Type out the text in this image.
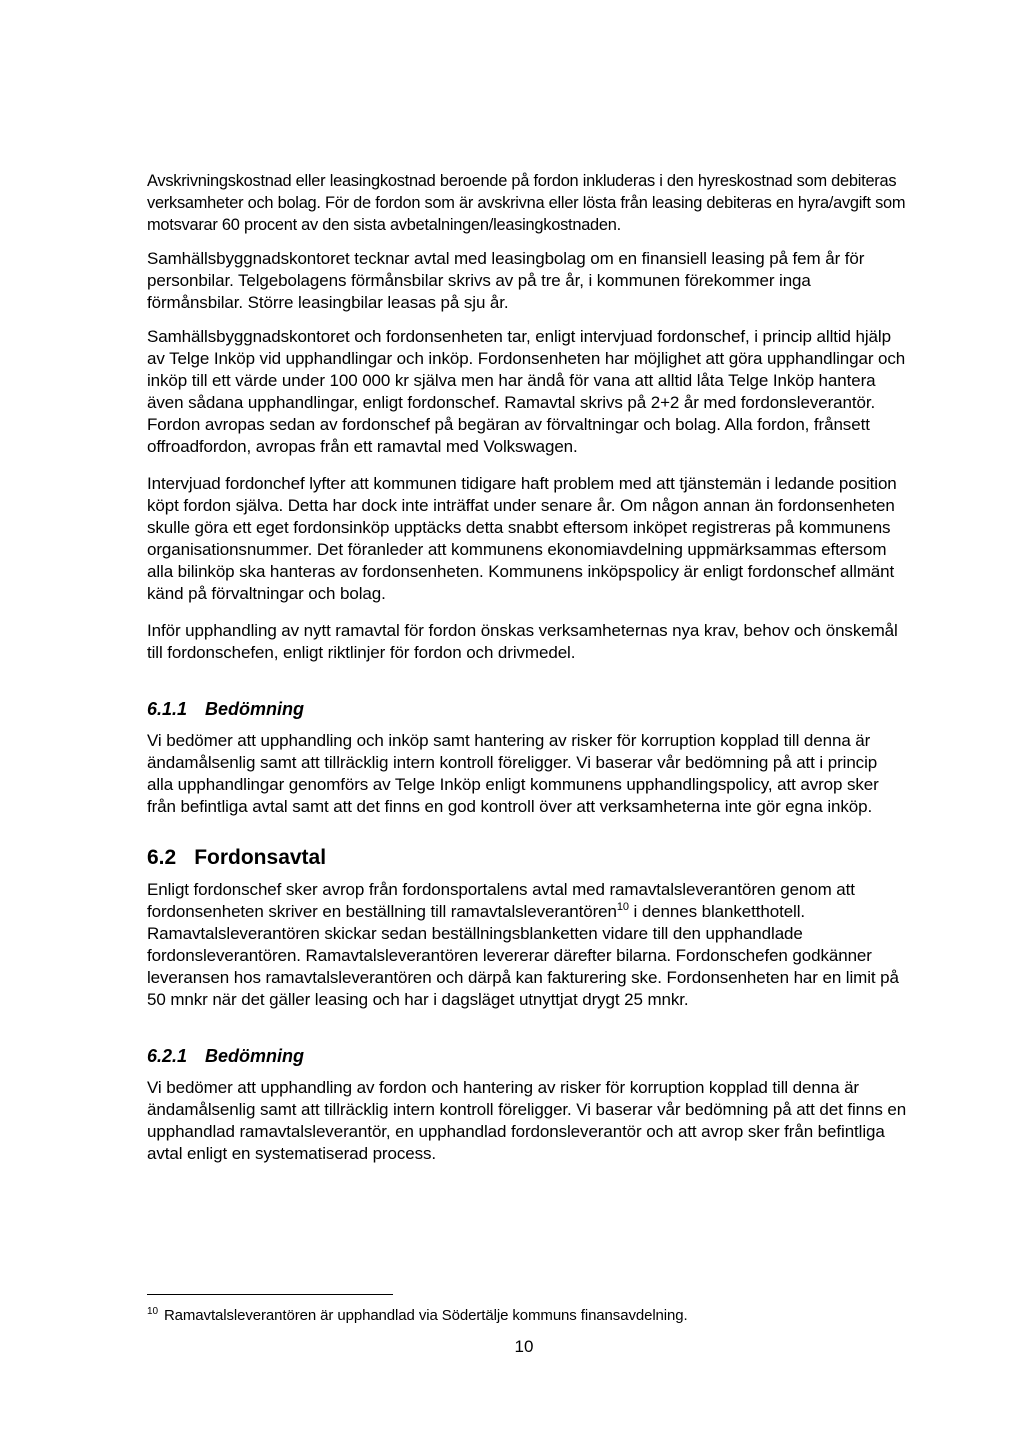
Avskrivningskostnad eller leasingkostnad beroende på fordon inkluderas i den hyreskostnad som debiteras verksamheter och bolag. För de fordon som är avskrivna eller lösta från leasing debiteras en hyra/avgift som motsvarar 60 procent av den sista avbetalningen/leasingkostnaden.

Samhällsbyggnadskontoret tecknar avtal med leasingbolag om en finansiell leasing på fem år för personbilar. Telgebolagens förmånsbilar skrivs av på tre år, i kommunen förekommer inga förmånsbilar. Större leasingbilar leasas på sju år.

Samhällsbyggnadskontoret och fordonsenheten tar, enligt intervjuad fordonschef, i princip alltid hjälp av Telge Inköp vid upphandlingar och inköp. Fordonsenheten har möjlighet att göra upphandlingar och inköp till ett värde under 100 000 kr själva men har ändå för vana att alltid låta Telge Inköp hantera även sådana upphandlingar, enligt fordonschef. Ramavtal skrivs på 2+2 år med fordonsleverantör. Fordon avropas sedan av fordonschef på begäran av förvaltningar och bolag. Alla fordon, frånsett offroadfordon, avropas från ett ramavtal med Volkswagen.

Intervjuad fordonchef lyfter att kommunen tidigare haft problem med att tjänstemän i ledande position köpt fordon själva. Detta har dock inte inträffat under senare år. Om någon annan än fordonsenheten skulle göra ett eget fordonsinköp upptäcks detta snabbt eftersom inköpet registreras på kommunens organisationsnummer. Det föranleder att kommunens ekonomiavdelning uppmärksammas eftersom alla bilinköp ska hanteras av fordonsenheten. Kommunens inköpspolicy är enligt fordonschef allmänt känd på förvaltningar och bolag.

Inför upphandling av nytt ramavtal för fordon önskas verksamheternas nya krav, behov och önskemål till fordonschefen, enligt riktlinjer för fordon och drivmedel.

6.1.1 Bedömning

Vi bedömer att upphandling och inköp samt hantering av risker för korruption kopplad till denna är ändamålsenlig samt att tillräcklig intern kontroll föreligger. Vi baserar vår bedömning på att i princip alla upphandlingar genomförs av Telge Inköp enligt kommunens upphandlingspolicy, att avrop sker från befintliga avtal samt att det finns en god kontroll över att verksamheterna inte gör egna inköp.

6.2 Fordonsavtal

Enligt fordonschef sker avrop från fordonsportalens avtal med ramavtalsleverantören genom att fordonsenheten skriver en beställning till ramavtalsleverantören$^{10}$ i dennes blanketthotell. Ramavtalsleverantören skickar sedan beställningsblanketten vidare till den upphandlade fordonsleverantören. Ramavtalsleverantören levererar därefter bilarna. Fordonschefen godkänner leveransen hos ramavtalsleverantören och därpå kan fakturering ske. Fordonsenheten har en limit på 50 mnkr när det gäller leasing och har i dagsläget utnyttjat drygt 25 mnkr.

6.2.1 Bedömning

Vi bedömer att upphandling av fordon och hantering av risker för korruption kopplad till denna är ändamålsenlig samt att tillräcklig intern kontroll föreligger. Vi baserar vår bedömning på att det finns en upphandlad ramavtalsleverantör, en upphandlad fordonsleverantör och att avrop sker från befintliga avtal enligt en systematiserad process.

$^{10}$ Ramavtalsleverantören är upphandlad via Södertälje kommuns finansavdelning.
10
